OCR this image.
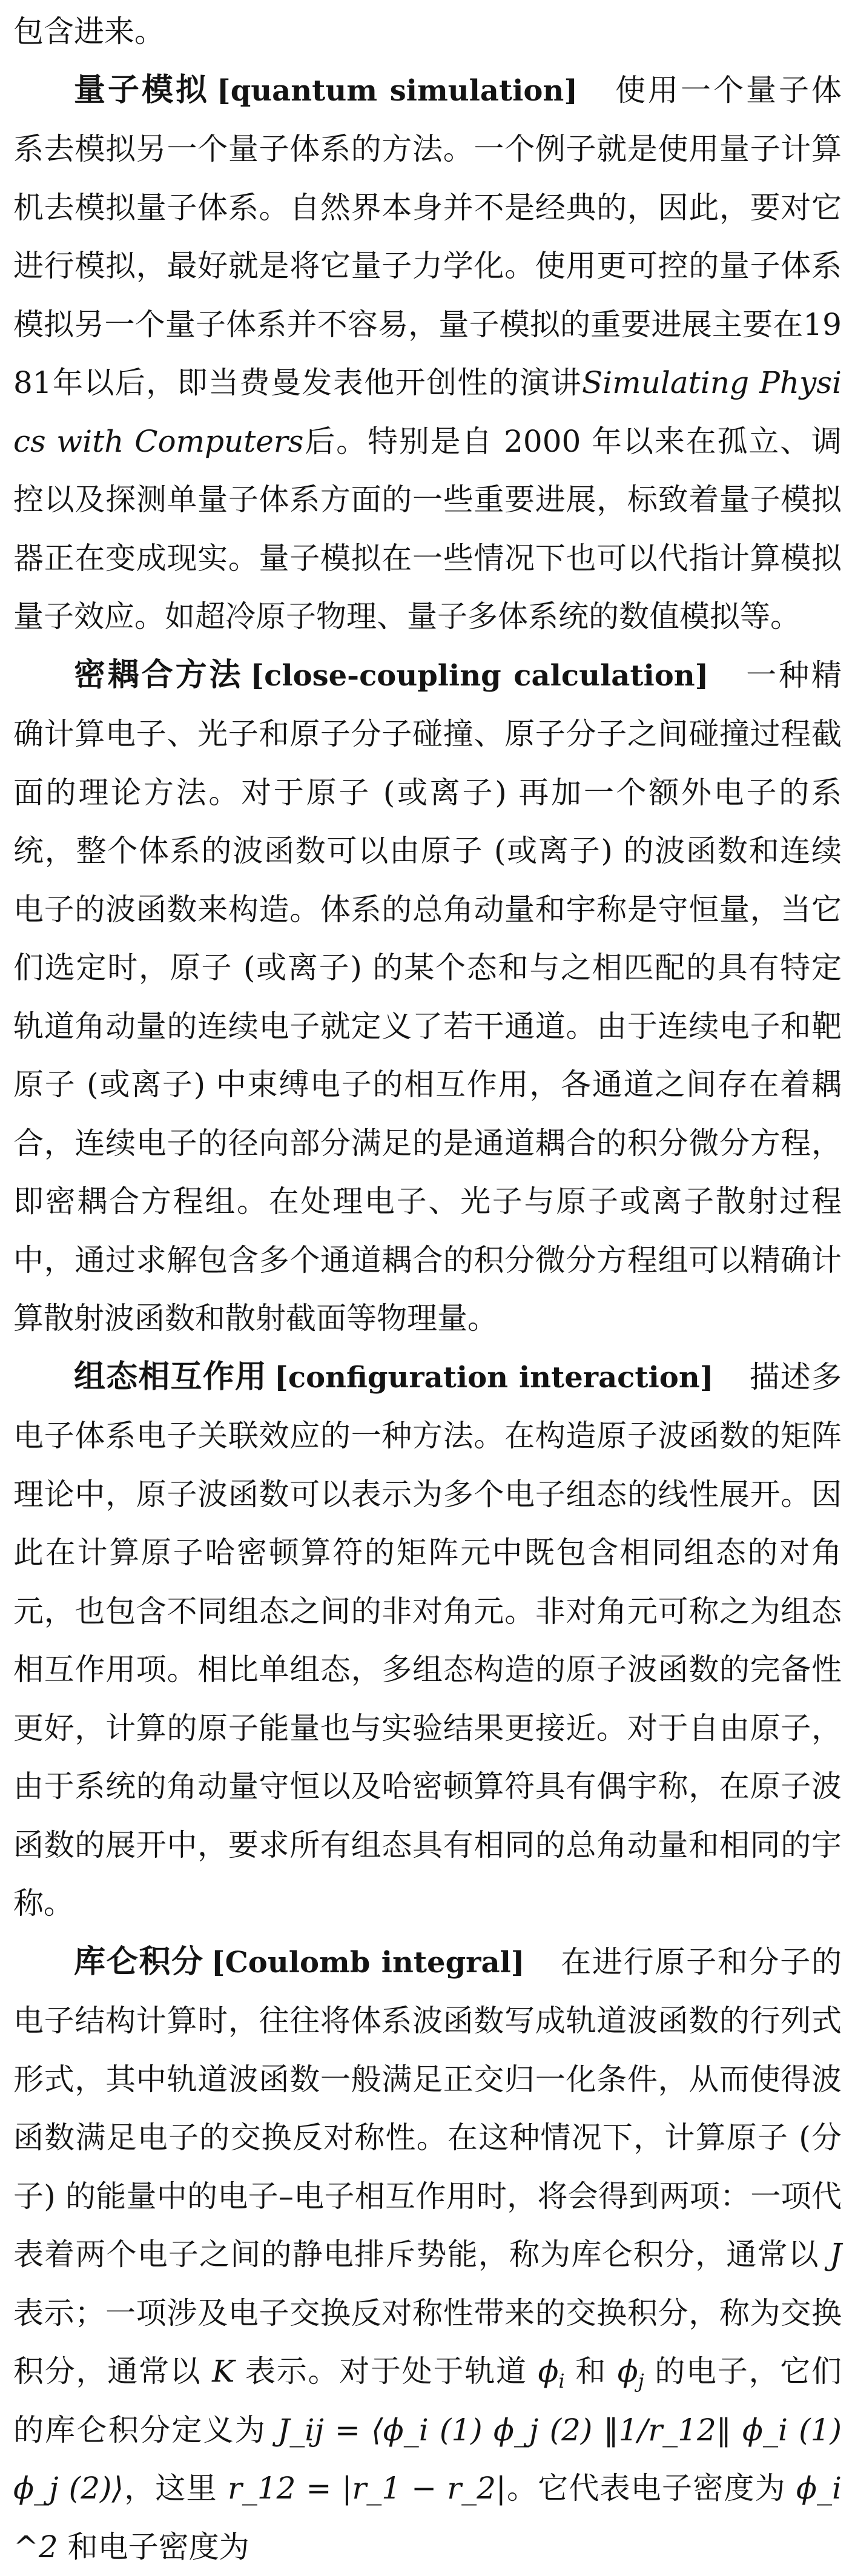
包含进来。

量子模拟 [quantum simulation] 使用一个量子体系去模拟另一个量子体系的方法。一个例子就是使用量子计算机去模拟量子体系。自然界本身并不是经典的，因此，要对它进行模拟，最好就是将它量子力学化。使用更可控的量子体系模拟另一个量子体系并不容易，量子模拟的重要进展主要在1981年以后，即当费曼发表他开创性的演讲Simulating Physics with Computers后。特别是自 2000 年以来在孤立、调控以及探测单量子体系方面的一些重要进展，标致着量子模拟器正在变成现实。量子模拟在一些情况下也可以代指计算模拟量子效应。如超冷原子物理、量子多体系统的数值模拟等。

密耦合方法 [close-coupling calculation] 一种精确计算电子、光子和原子分子碰撞、原子分子之间碰撞过程截面的理论方法。对于原子 (或离子) 再加一个额外电子的系统，整个体系的波函数可以由原子 (或离子) 的波函数和连续电子的波函数来构造。体系的总角动量和宇称是守恒量，当它们选定时，原子 (或离子) 的某个态和与之相匹配的具有特定轨道角动量的连续电子就定义了若干通道。由于连续电子和靶原子 (或离子) 中束缚电子的相互作用，各通道之间存在着耦合，连续电子的径向部分满足的是通道耦合的积分微分方程，即密耦合方程组。在处理电子、光子与原子或离子散射过程中，通过求解包含多个通道耦合的积分微分方程组可以精确计算散射波函数和散射截面等物理量。

组态相互作用 [configuration interaction] 描述多电子体系电子关联效应的一种方法。在构造原子波函数的矩阵理论中，原子波函数可以表示为多个电子组态的线性展开。因此在计算原子哈密顿算符的矩阵元中既包含相同组态的对角元，也包含不同组态之间的非对角元。非对角元可称之为组态相互作用项。相比单组态，多组态构造的原子波函数的完备性更好，计算的原子能量也与实验结果更接近。对于自由原子，由于系统的角动量守恒以及哈密顿算符具有偶宇称，在原子波函数的展开中，要求所有组态具有相同的总角动量和相同的宇称。

库仑积分 [Coulomb integral] 在进行原子和分子的电子结构计算时，往往将体系波函数写成轨道波函数的行列式形式，其中轨道波函数一般满足正交归一化条件，从而使得波函数满足电子的交换反对称性。在这种情况下，计算原子 (分子) 的能量中的电子–电子相互作用时，将会得到两项：一项代表着两个电子之间的静电排斥势能，称为库仑积分，通常以 J 表示；一项涉及电子交换反对称性带来的交换积分，称为交换积分，通常以 K 表示。对于处于轨道 $\phi_i$ 和 $\phi_j$ 的电子，它们的库仑积分定义为 J_ij = ⟨ϕ_i (1) ϕ_j (2) ‖1/r_12‖ ϕ_i (1) ϕ_j (2)⟩，这里 r_12 = |r_1 − r_2|。它代表电子密度为 ϕ_i^2 和电子密度为
